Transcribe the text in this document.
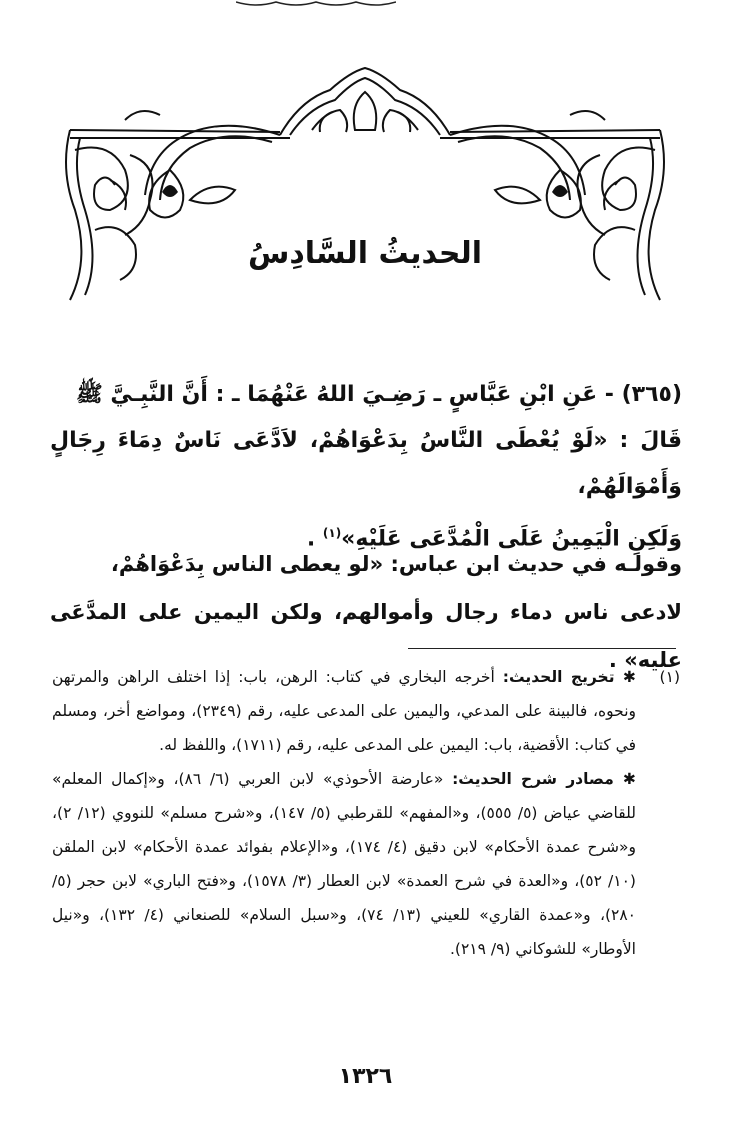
الحديثُ السَّادِسُ

(٣٦٥) - عَنِ ابْنِ عَبَّاسٍ ـ رَضِـيَ اللهُ عَنْهُمَا ـ : أَنَّ النَّبِـيَّ ﷺ

قَالَ : «لَوْ يُعْطَى النَّاسُ بِدَعْوَاهُمْ، لاَدَّعَى نَاسٌ دِمَاءَ رِجَالٍ وَأَمْوَالَهُمْ،

وَلَكِنِ الْيَمِينُ عَلَى الْمُدَّعَى عَلَيْهِ»$^{(١)}$ .

وقولـه في حديث ابن عباس: «لو يعطى الناس بِدَعْوَاهُمْ،

لادعى ناس دماء رجال وأموالهم، ولكن اليمين على المدَّعَى عليه» .

(١)

✱ تخريج الحديث: أخرجه البخاري في كتاب: الرهن، باب: إذا اختلف الراهن والمرتهن ونحوه، فالبينة على المدعي، واليمين على المدعى عليه، رقم (٢٣٤٩)، ومواضع أخر، ومسلم في كتاب: الأقضية، باب: اليمين على المدعى عليه، رقم (١٧١١)، واللفظ له.

✱ مصادر شرح الحديث: «عارضة الأحوذي» لابن العربي (٦/ ٨٦)، و«إكمال المعلم» للقاضي عياض (٥/ ٥٥٥)، و«المفهم» للقرطبي (٥/ ١٤٧)، و«شرح مسلم» للنووي (١٢/ ٢)، و«شرح عمدة الأحكام» لابن دقيق (٤/ ١٧٤)، و«الإعلام بفوائد عمدة الأحكام» لابن الملقن (١٠/ ٥٢)، و«العدة في شرح العمدة» لابن العطار (٣/ ١٥٧٨)، و«فتح الباري» لابن حجر (٥/ ٢٨٠)، و«عمدة القاري» للعيني (١٣/ ٧٤)، و«سبل السلام» للصنعاني (٤/ ١٣٢)، و«نيل الأوطار» للشوكاني (٩/ ٢١٩).

١٣٢٦
